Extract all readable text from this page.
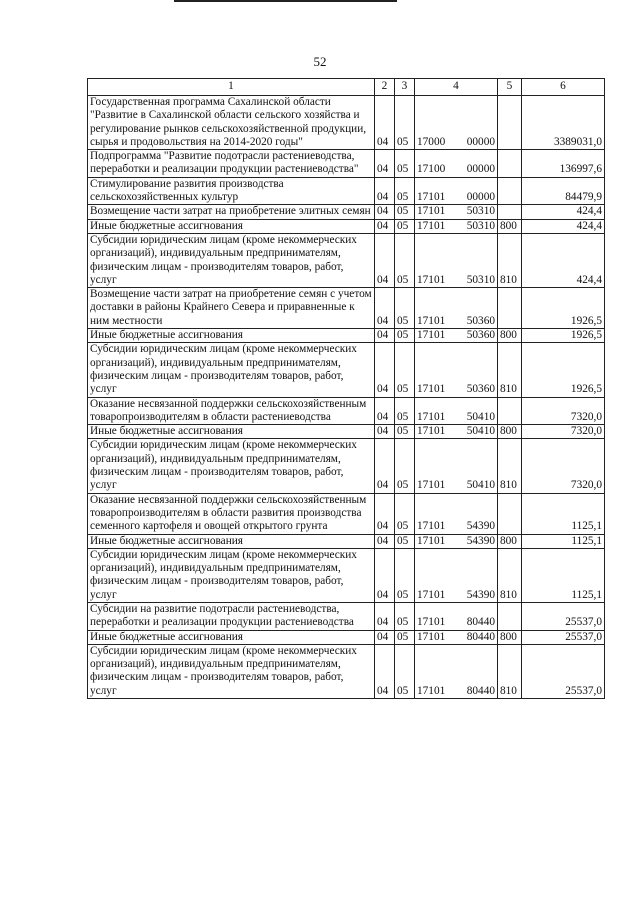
52
1	2	3	4	5	6

Государственная программа Сахалинской области "Развитие в Сахалинской области сельского хозяйства и регулирование рынков сельскохозяйственной продукции, сырья и продовольствия на 2014-2020 годы"	04	05	17000 00000		3389031,0

Подпрограмма "Развитие подотрасли растениеводства, переработки и реализации продукции растениеводства"	04	05	17100 00000		136997,6

Стимулирование развития производства сельскохозяйственных культур	04	05	17101 00000		84479,9

Возмещение части затрат на приобретение элитных семян	04	05	17101 50310		424,4

Иные бюджетные ассигнования	04	05	17101 50310	800	424,4

Субсидии юридическим лицам (кроме некоммерческих организаций), индивидуальным предпринимателям, физическим лицам - производителям товаров, работ, услуг	04	05	17101 50310	810	424,4

Возмещение части затрат на приобретение семян с учетом доставки в районы Крайнего Севера и приравненные к ним местности	04	05	17101 50360		1926,5

Иные бюджетные ассигнования	04	05	17101 50360	800	1926,5

Субсидии юридическим лицам (кроме некоммерческих организаций), индивидуальным предпринимателям, физическим лицам - производителям товаров, работ, услуг	04	05	17101 50360	810	1926,5

Оказание несвязанной поддержки сельскохозяйственным товаропроизводителям в области растениеводства	04	05	17101 50410		7320,0

Иные бюджетные ассигнования	04	05	17101 50410	800	7320,0

Субсидии юридическим лицам (кроме некоммерческих организаций), индивидуальным предпринимателям, физическим лицам - производителям товаров, работ, услуг	04	05	17101 50410	810	7320,0

Оказание несвязанной поддержки сельскохозяйственным товаропроизводителям в области развития производства семенного картофеля и овощей открытого грунта	04	05	17101 54390		1125,1

Иные бюджетные ассигнования	04	05	17101 54390	800	1125,1

Субсидии юридическим лицам (кроме некоммерческих организаций), индивидуальным предпринимателям, физическим лицам - производителям товаров, работ, услуг	04	05	17101 54390	810	1125,1

Субсидии на развитие подотрасли растениеводства, переработки и реализации продукции растениеводства	04	05	17101 80440		25537,0

Иные бюджетные ассигнования	04	05	17101 80440	800	25537,0

Субсидии юридическим лицам (кроме некоммерческих организаций), индивидуальным предпринимателям, физическим лицам - производителям товаров, работ, услуг	04	05	17101 80440	810	25537,0
